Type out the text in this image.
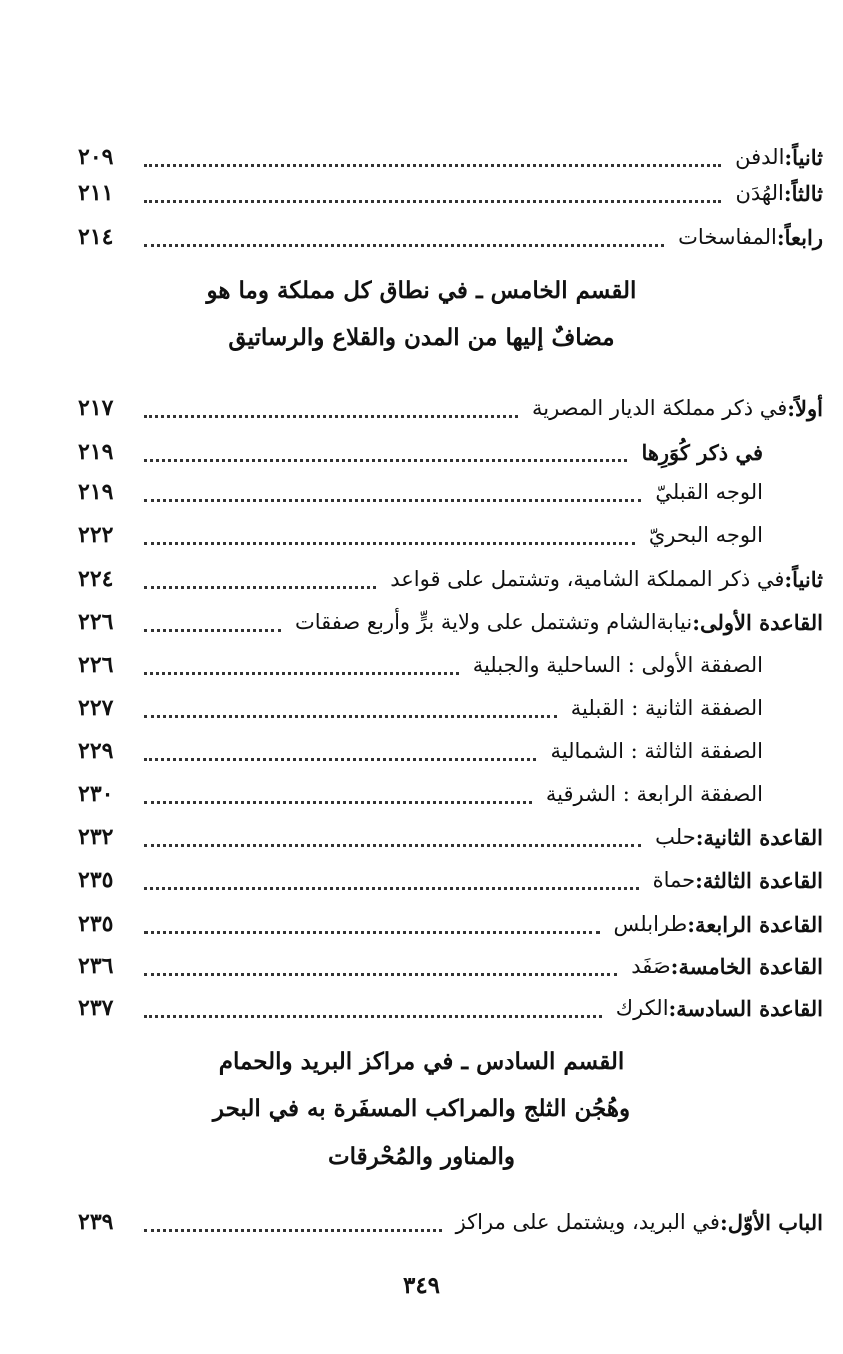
ثانياً
:
الدفن
٢٠٩
ثالثاً
:
الهُدَن
٢١١
رابعاً
:
المفاسخات
٢١٤
القسم الخامس ـ في نطاق كل مملكة وما هو
مضافٌ إليها من المدن والقلاع والرساتيق
أولاً
:
في ذكر مملكة الديار المصرية
٢١٧
في ذكر كُوَرِها
٢١٩
الوجه القبليّ
٢١٩
الوجه البحريّ
٢٢٢
ثانياً
:
في ذكر المملكة الشامية، وتشتمل على قواعد
٢٢٤
القاعدة الأولى
:
نيابةالشام وتشتمل على ولاية برٍّ وأربع صفقات
٢٢٦
الصفقة الأولى : الساحلية والجبلية
٢٢٦
الصفقة الثانية : القبلية
٢٢٧
الصفقة الثالثة : الشمالية
٢٢٩
الصفقة الرابعة : الشرقية
٢٣٠
القاعدة الثانية
:
حلب
٢٣٢
القاعدة الثالثة
:
حماة
٢٣٥
القاعدة الرابعة
:
طرابلس
٢٣٥
القاعدة الخامسة
:
صَفَد
٢٣٦
القاعدة السادسة
:
الكرك
٢٣٧
القسم السادس ـ في مراكز البريد والحمام
وهُجُن الثلج والمراكب المسفَرة به في البحر
والمناور والمُحْرقات
الباب الأوّل
:
في البريد، ويشتمل على مراكز
٢٣٩
٣٤٩
